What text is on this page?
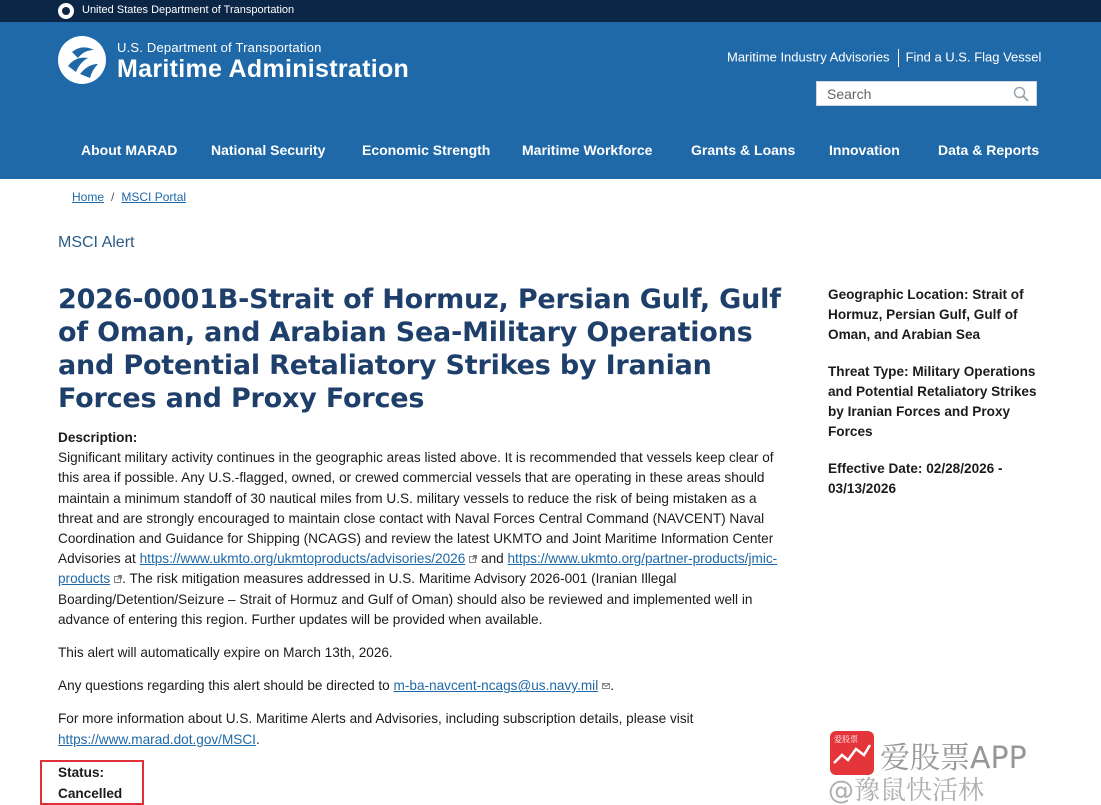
United States Department of Transportation
U.S. Department of Transportation
Maritime Administration	Maritime Industry Advisories Find a U.S. Flag Vessel
Search
About MARAD National Security	Economic Strength Maritime Workforce	Grants & Loans Innovation	Data & Reports
Home / MSCI Portal
MSCI Alert
2026-0001B-Strait of Hormuz, Persian Gulf, Gulf of Oman, and Arabian Sea-Military Operations and Potential Retaliatory Strikes by Iranian Forces and Proxy Forces
Description:

Significant military activity continues in the geographic areas listed above. It is recommended that vessels keep clear of this area if possible. Any U.S.-flagged, owned, or crewed commercial vessels that are operating in these areas should maintain a minimum standoff of 30 nautical miles from U.S. military vessels to reduce the risk of being mistaken as a threat and are strongly encouraged to maintain close contact with Naval Forces Central Command (NAVCENT) Naval Coordination and Guidance for Shipping (NCAGS) and review the latest UKMTO and Joint Maritime Information Center Advisories at https://www.ukmto.org/ukmtoproducts/advisories/2026 and https://www.ukmto.org/partner-products/jmic-products . The risk mitigation measures addressed in U.S. Maritime Advisory 2026-001 (Iranian Illegal Boarding/Detention/Seizure – Strait of Hormuz and Gulf of Oman) should also be reviewed and implemented well in advance of entering this region. Further updates will be provided when available.

This alert will automatically expire on March 13th, 2026.

Any questions regarding this alert should be directed to m-ba-navcent-ncags@us.navy.mil .

For more information about U.S. Maritime Alerts and Advisories, including subscription details, please visit https://www.marad.dot.gov/MSCI.

Status:
Cancelled
Geographic Location: Strait of Hormuz, Persian Gulf, Gulf of Oman, and Arabian Sea
Threat Type: Military Operations and Potential Retaliatory Strikes by Iranian Forces and Proxy Forces
Effective Date: 02/28/2026 - 03/13/2026
爱股票
爱股票APP
@豫鼠快活林
